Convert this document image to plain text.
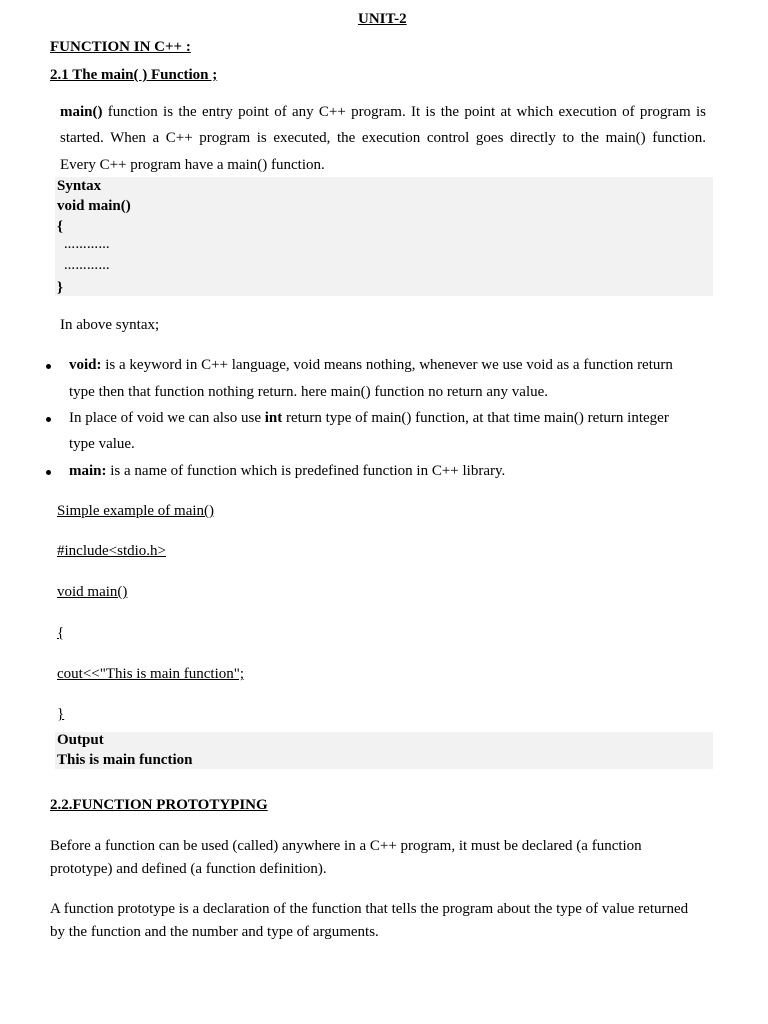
UNIT-2
FUNCTION IN C++ :
2.1 The main( ) Function ;
main() function is the entry point of any C++ program. It is the point at which execution of program is
started. When a C++ program is executed, the execution control goes directly to the main() function.
Every C++ program have a main() function.
Syntax
void main()
{
…………
…………
}
In above syntax;
void: is a keyword in C++ language, void means nothing, whenever we use void as a function return
type then that function nothing return. here main() function no return any value.
In place of void we can also use int return type of main() function, at that time main() return integer
type value.
main: is a name of function which is predefined function in C++ library.
Simple example of main()
#include<stdio.h>
void main()
{
cout<<"This is main function";
}
Output
This is main function
2.2.FUNCTION PROTOTYPING
Before a function can be used (called) anywhere in a C++ program, it must be declared (a function
prototype) and defined (a function definition).
A function prototype is a declaration of the function that tells the program about the type of value returned
by the function and the number and type of arguments.
